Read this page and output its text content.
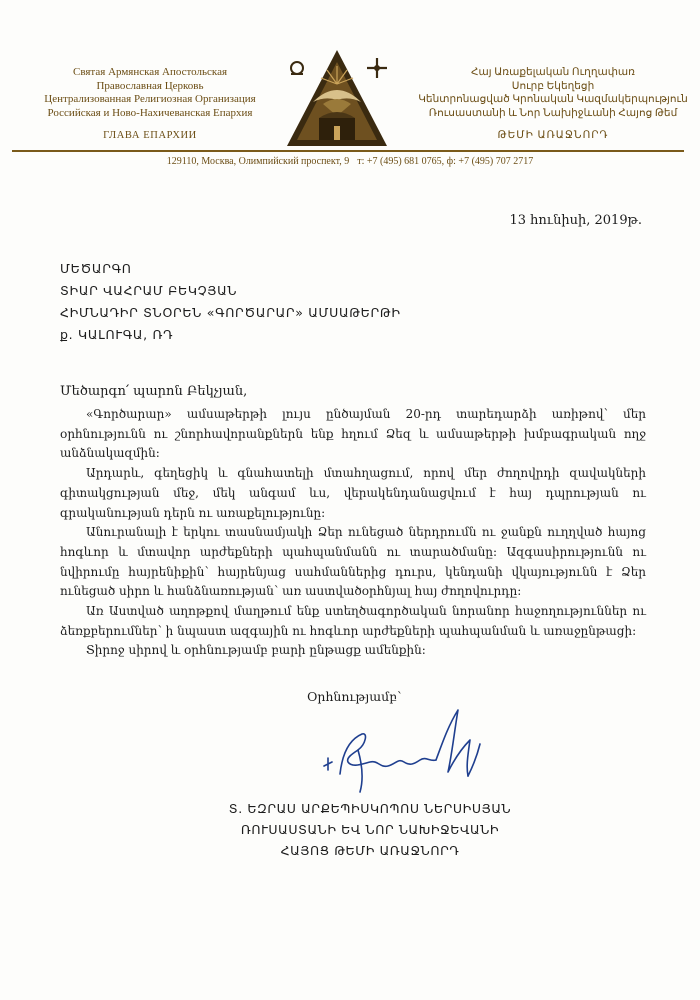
Святая Армянская Апостольская
Православная Церковь
Централизованная Религиозная Организация
Российская и Ново-Нахичеванская Епархия
ГЛАВА ЕПАРХИИ
Հայ Առաքելական Ուղղափառ
Սուրբ Եկեղեցի
Կենտրոնացված Կրոնական Կազմակերպություն
Ռուսաստանի և Նոր Նախիջևանի Հայոց Թեմ
ԹԵՄԻ ԱՌԱՋՆՈՐԴ
129110, Москва, Олимпийский проспект, 9 т: +7 (495) 681 0765, ф: +7 (495) 707 2717
13 հունիսի, 2019թ.
ՄԵԾԱՐԳՈ
ՏԻԱՐ ՎԱՀՐԱՄ ԲԵԿՉՅԱՆ
ՀԻՄՆԱԴԻՐ ՏՆՕՐԵՆ «ԳՈՐԾԱՐԱՐ» ԱՄՍԱԹԵՐԹԻ
ք. ԿԱԼՈՒԳԱ, ՌԴ
Մեծարգո՛ պարոն Բեկչյան,

«Գործարար» ամսաթերթի լույս ընծայման 20-րդ տարեդարձի առիթով՝ մեր օրհնությունն ու շնորհավորանքներն ենք հղում Ձեզ և ամսաթերթի խմբագրական ողջ անձնակազմին:

Արդարև, գեղեցիկ և գնահատելի մտահղացում, որով մեր ժողովրդի զավակների գիտակցության մեջ, մեկ անգամ ևս, վերակենդանացվում է հայ դպրության ու գրականության դերն ու առաքելությունը:

Անուրանալի է երկու տասնամյակի Ձեր ունեցած ներդրումն ու ջանքն ուղղված հայոց հոգևոր և մտավոր արժեքների պահպանմանն ու տարածմանը: Ազգասիրությունն ու նվիրումը հայրենիքին՝ հայրենյաց սահմաններից դուրս, կենդանի վկայությունն է Ձեր ունեցած սիրո և հանձնառության՝ առ աստվածօրհնյալ հայ ժողովուրդը:

Առ Աստված աղոթքով մաղթում ենք ստեղծագործական նորանոր հաջողություններ ու ձեռքբերումներ՝ ի նպաստ ազգային ու հոգևոր արժեքների պահպանման և առաջընթացի:

Տիրոջ սիրով և օրհնությամբ բարի ընթացք ամենքին:

Օրհնությամբ՝
Տ. ԵԶՐԱՍ ԱՐՔԵՊԻՍԿՈՊՈՍ ՆԵՐՍԻՍՅԱՆ
ՌՈՒՍԱՍՏԱՆԻ ԵՎ ՆՈՐ ՆԱԽԻՋԵՎԱՆԻ
ՀԱՅՈՑ ԹԵՄԻ ԱՌԱՋՆՈՐԴ
